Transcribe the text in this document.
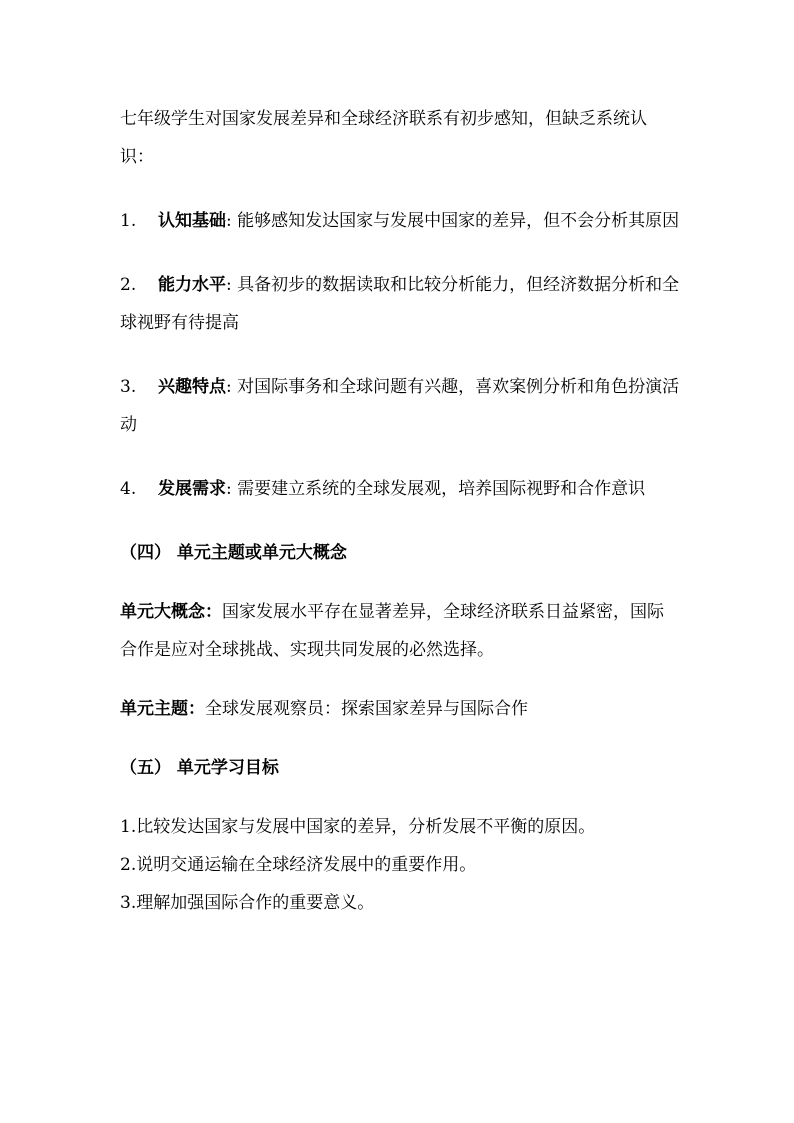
七年级学生对国家发展差异和全球经济联系有初步感知，但缺乏系统认识：

1. 认知基础: 能够感知发达国家与发展中国家的差异，但不会分析其原因
2. 能力水平: 具备初步的数据读取和比较分析能力，但经济数据分析和全球视野有待提高
3. 兴趣特点: 对国际事务和全球问题有兴趣，喜欢案例分析和角色扮演活动
4. 发展需求: 需要建立系统的全球发展观，培养国际视野和合作意识

（四） 单元主题或单元大概念

单元大概念：国家发展水平存在显著差异，全球经济联系日益紧密，国际合作是应对全球挑战、实现共同发展的必然选择。

单元主题：全球发展观察员：探索国家差异与国际合作

（五） 单元学习目标

1.比较发达国家与发展中国家的差异，分析发展不平衡的原因。

2.说明交通运输在全球经济发展中的重要作用。

3.理解加强国际合作的重要意义。
